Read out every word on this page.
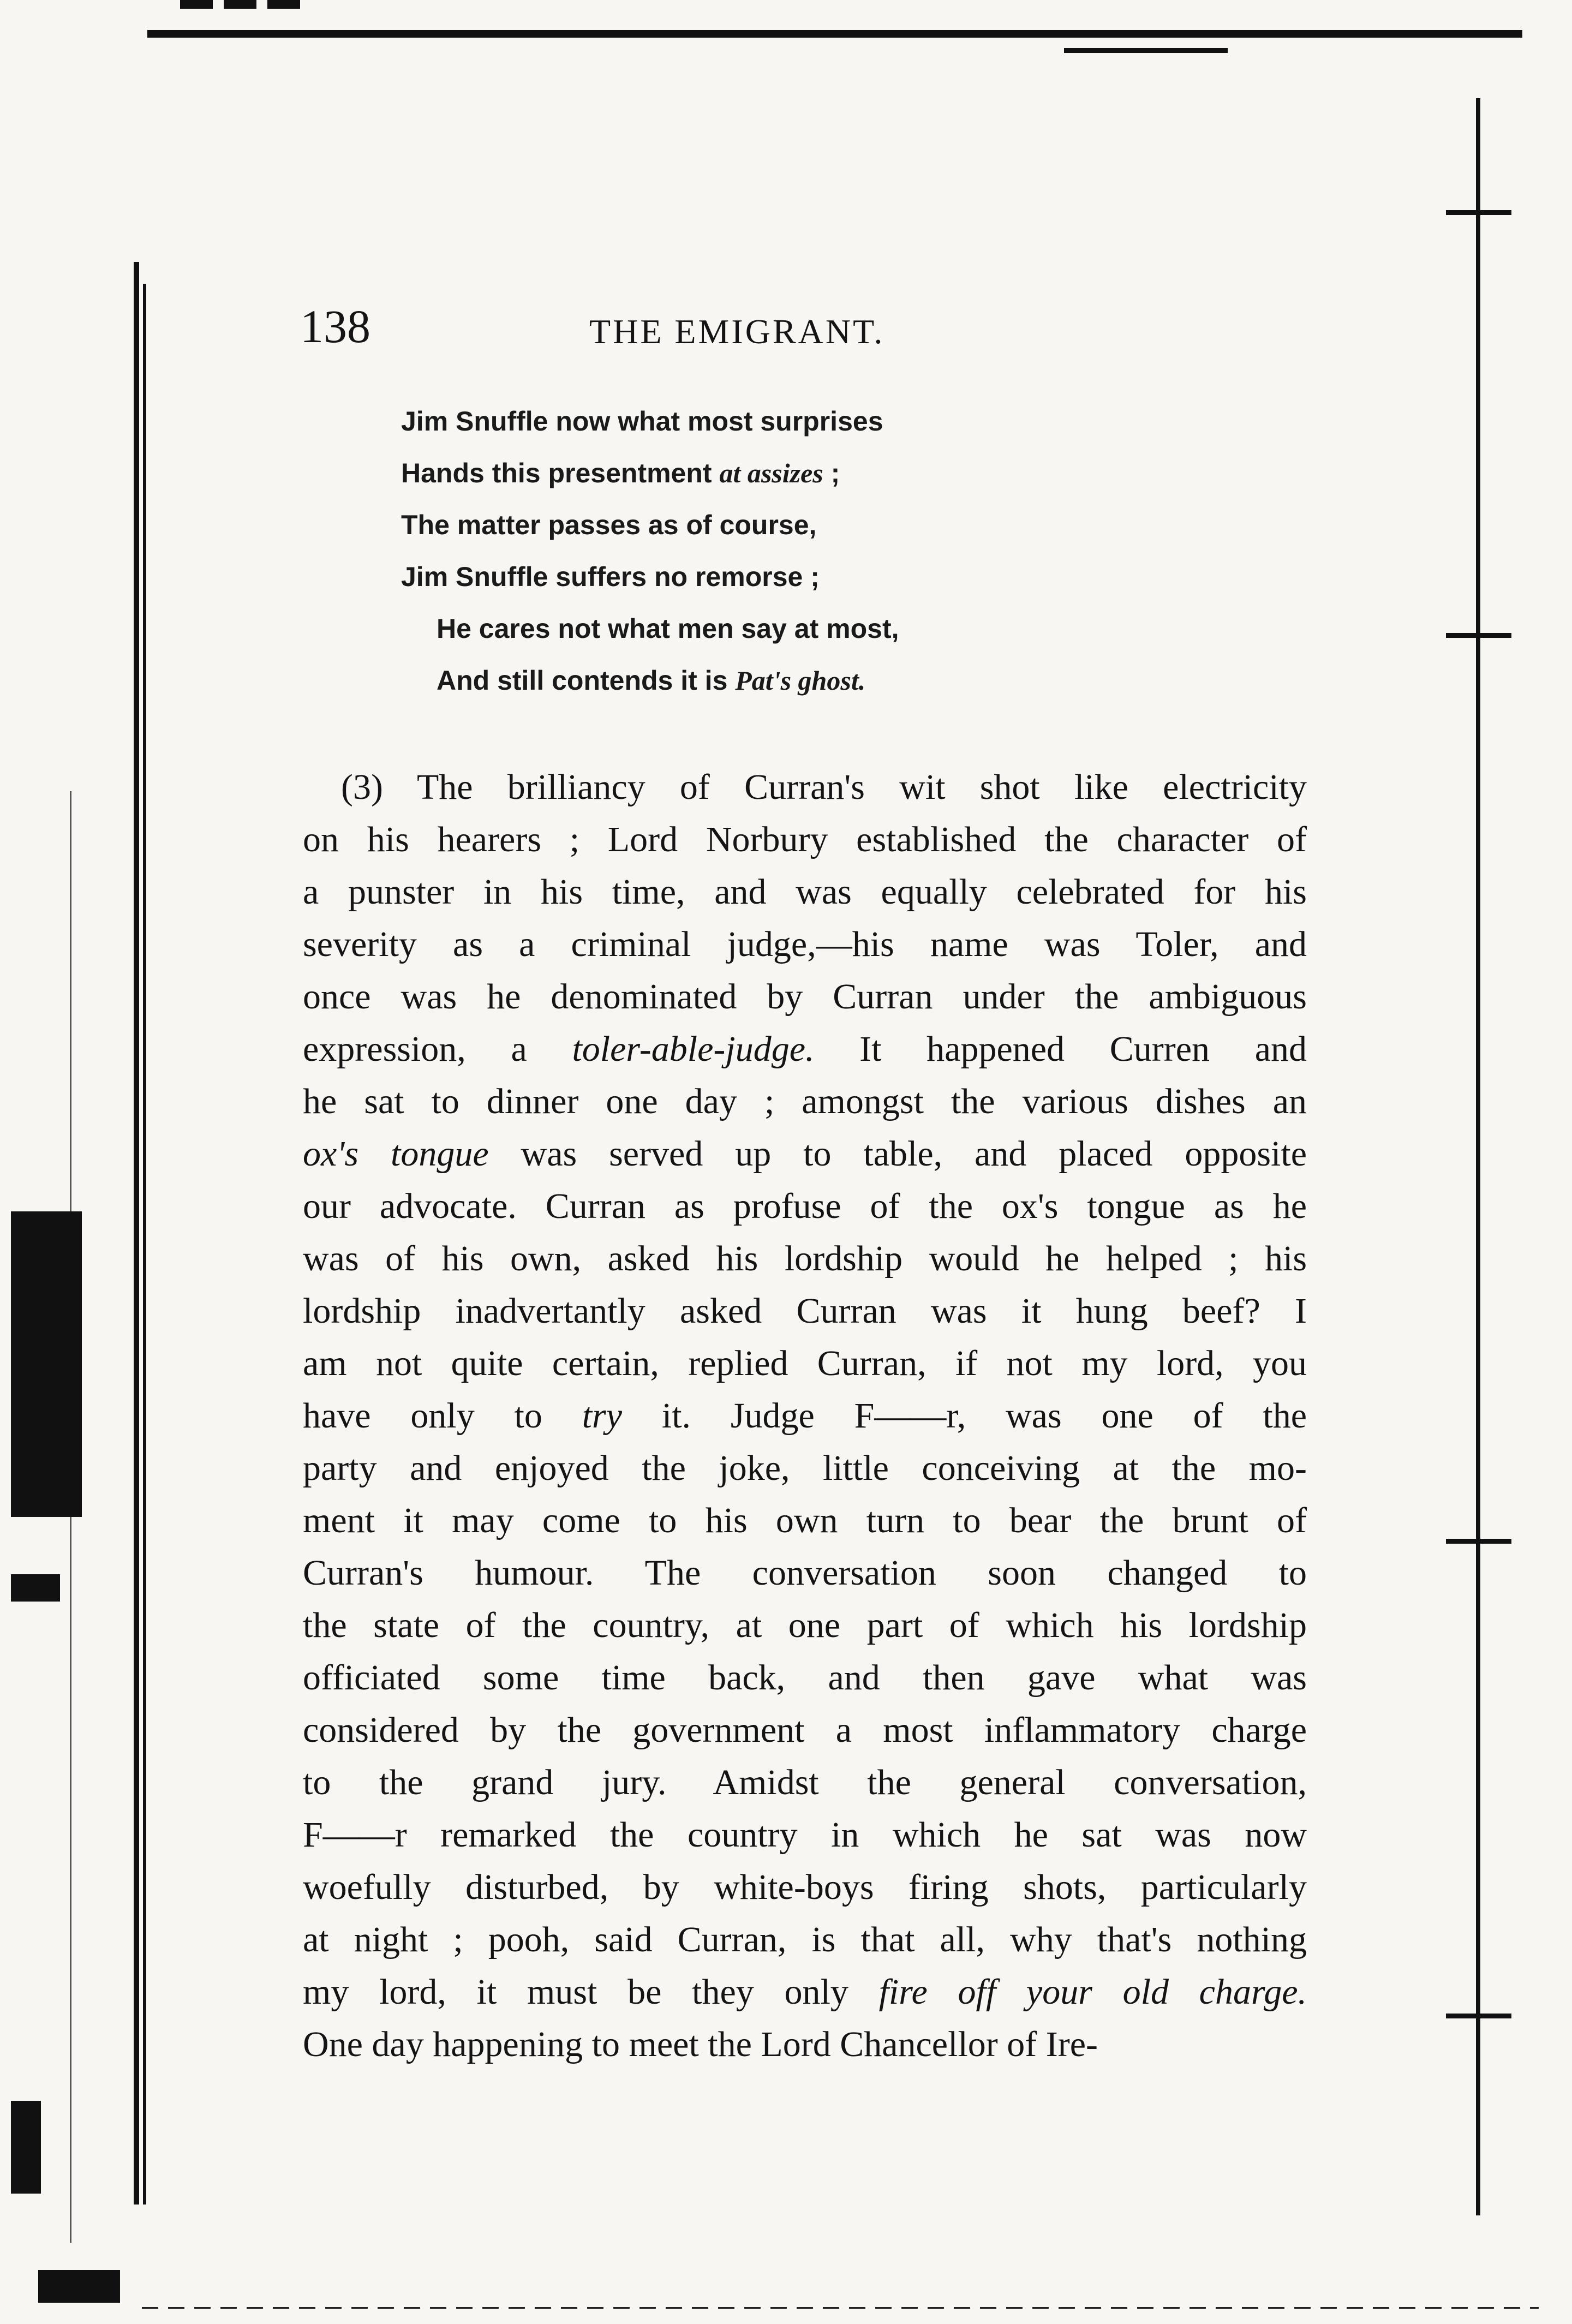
138	THE EMIGRANT.
Jim Snuffle now what most surprises
Hands this presentment at assizes ;
The matter passes as of course,
Jim Snuffle suffers no remorse ;
He cares not what men say at most,
And still contends it is Pat's ghost.
(3) The brilliancy of Curran's wit shot like electricity
on his hearers ; Lord Norbury established the character of
a punster in his time, and was equally celebrated for his
severity as a criminal judge,—his name was Toler, and
once was he denominated by Curran under the ambiguous
expression, a toler-able-judge. It happened Curren and
he sat to dinner one day ; amongst the various dishes an
ox's tongue was served up to table, and placed opposite
our advocate. Curran as profuse of the ox's tongue as he
was of his own, asked his lordship would he helped ; his
lordship inadvertantly asked Curran was it hung beef? I
am not quite certain, replied Curran, if not my lord, you
have only to try it. Judge F——r, was one of the
party and enjoyed the joke, little conceiving at the mo-
ment it may come to his own turn to bear the brunt of
Curran's humour. The conversation soon changed to
the state of the country, at one part of which his lordship
officiated some time back, and then gave what was
considered by the government a most inflammatory charge
to the grand jury. Amidst the general conversation,
F——r remarked the country in which he sat was now
woefully disturbed, by white-boys firing shots, particularly
at night ; pooh, said Curran, is that all, why that's nothing
my lord, it must be they only fire off your old charge.
One day happening to meet the Lord Chancellor of Ire-
